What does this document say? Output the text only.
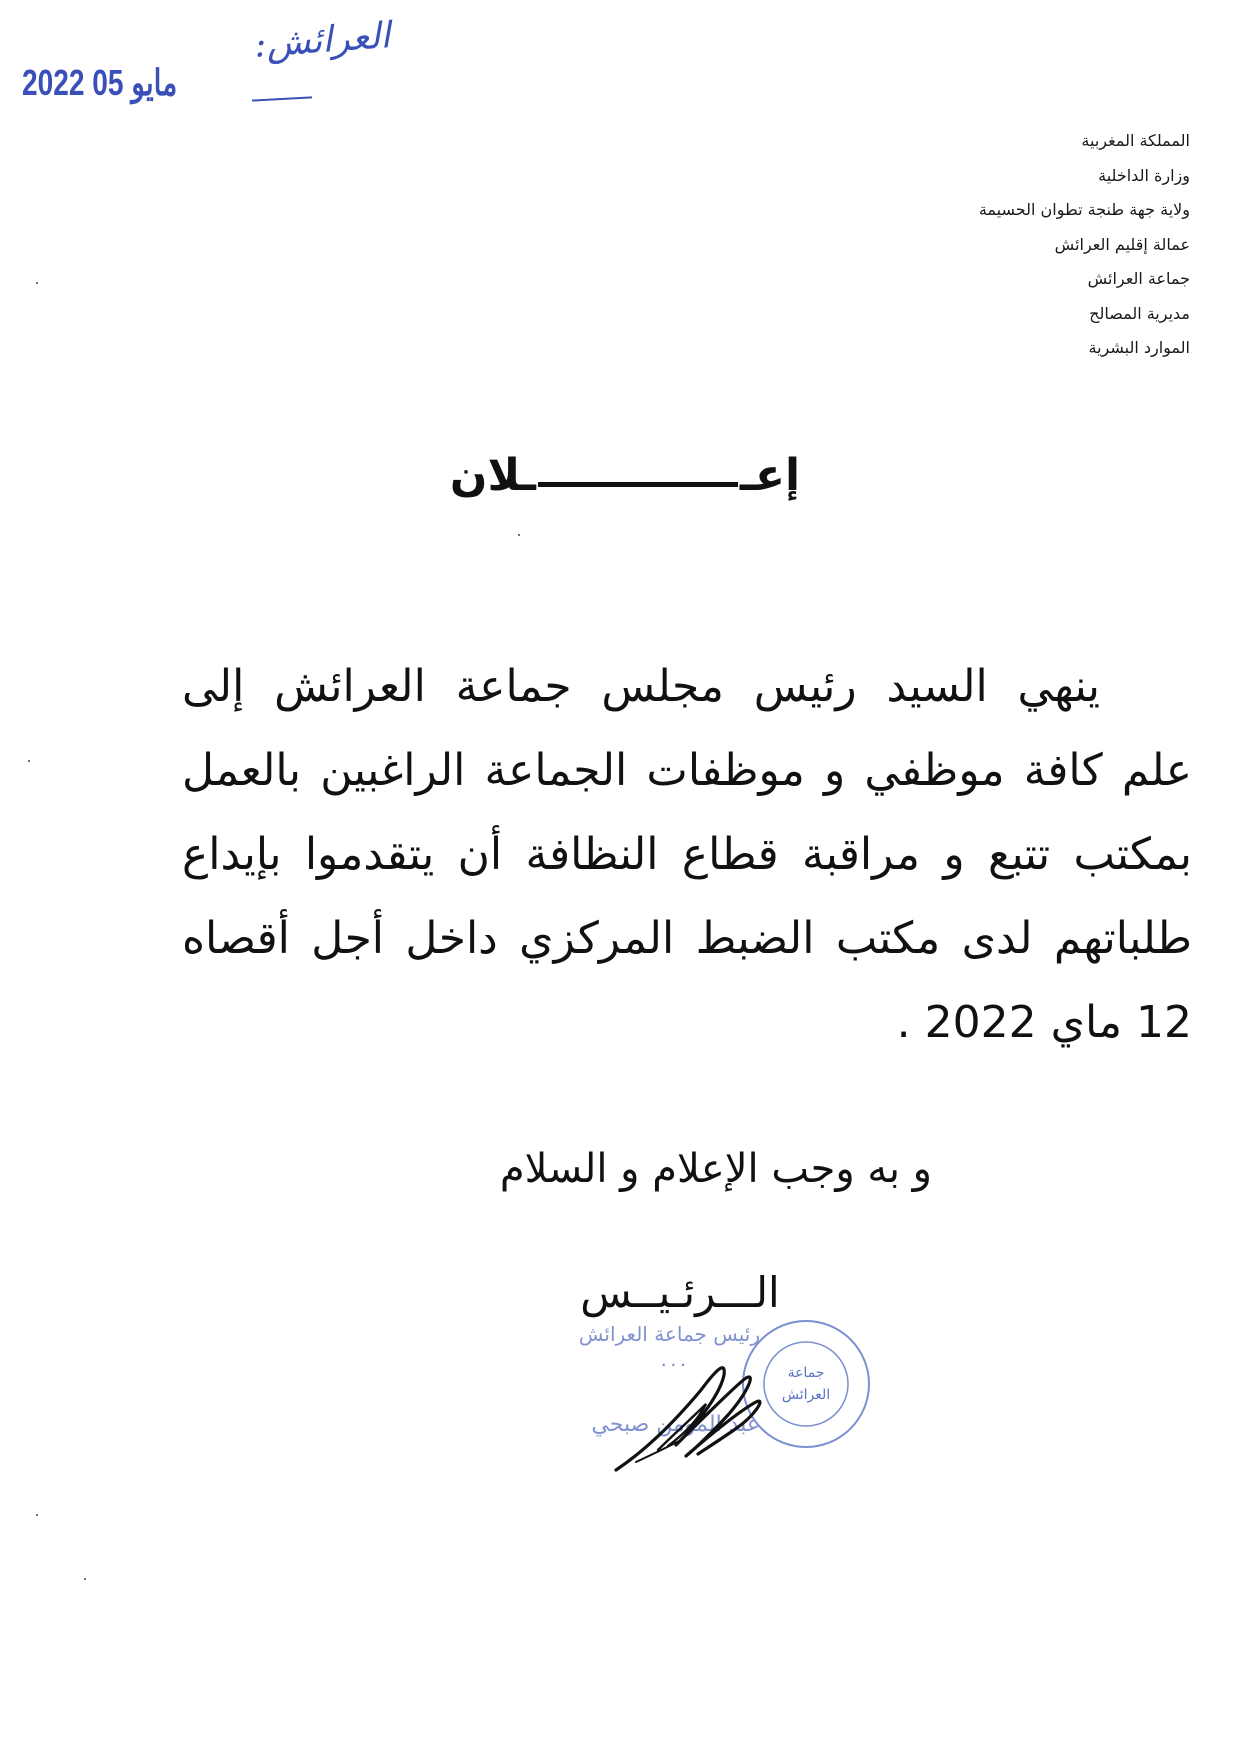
2022 ﻣﺎﻳﻮ 05
العرائش:
المملكة المغربية
وزارة الداخلية
ولاية جهة طنجة تطوان الحسيمة
عمالة إقليم العرائش
جماعة العرائش
مديرية المصالح
الموارد البشرية
إعــلان
ينهي السيد رئيس مجلس جماعة العرائش إلى
علم كافة موظفي و موظفات الجماعة الراغبين بالعمل
بمكتب تتبع و مراقبة قطاع النظافة أن يتقدموا بإيداع
طلباتهم لدى مكتب الضبط المركزي داخل أجل أقصاه
12 ماي 2022 .
و به وجب الإعلام و السلام
الـــرئـيــس
رئيس جماعة العرائش
...
عبد المومن صبحي
جماعة
العرائش
